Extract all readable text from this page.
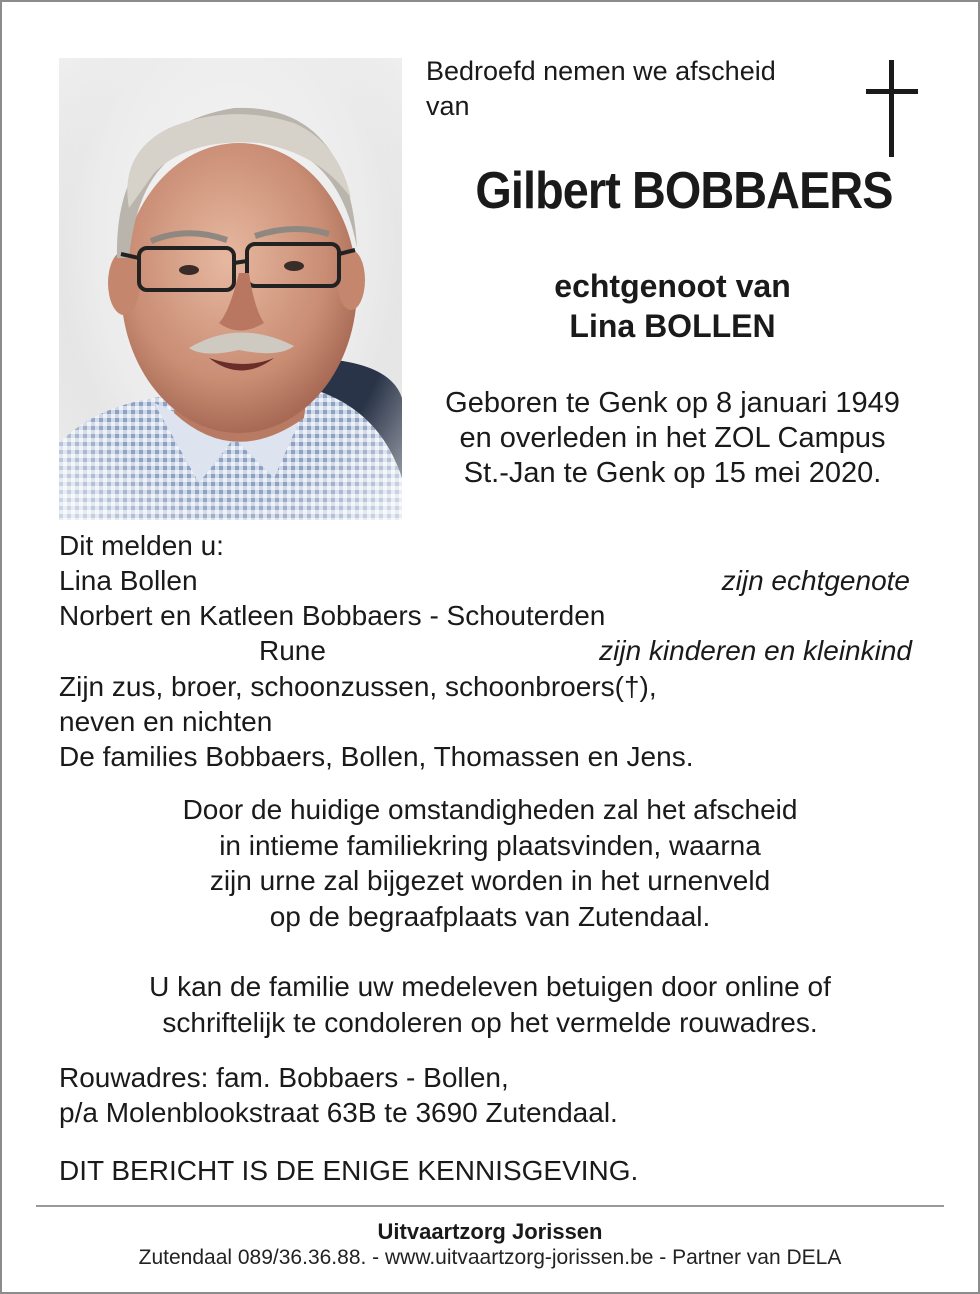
Bedroefd nemen we afscheid
van
Gilbert BOBBAERS
echtgenoot van
Lina BOLLEN
Geboren te Genk op 8 januari 1949
en overleden in het ZOL Campus
St.-Jan te Genk op 15 mei 2020.
Dit melden u:
Lina Bollen	zijn echtgenote
Norbert en Katleen Bobbaers - Schouterden
Rune	zijn kinderen en kleinkind
Zijn zus, broer, schoonzussen, schoonbroers(†),
neven en nichten
De families Bobbaers, Bollen, Thomassen en Jens.
Door de huidige omstandigheden zal het afscheid
in intieme familiekring plaatsvinden, waarna
zijn urne zal bijgezet worden in het urnenveld
op de begraafplaats van Zutendaal.
U kan de familie uw medeleven betuigen door online of
schriftelijk te condoleren op het vermelde rouwadres.
Rouwadres: fam. Bobbaers - Bollen,
p/a Molenblookstraat 63B te 3690 Zutendaal.
DIT BERICHT IS DE ENIGE KENNISGEVING.
Uitvaartzorg Jorissen
Zutendaal 089/36.36.88. - www.uitvaartzorg-jorissen.be - Partner van DELA
